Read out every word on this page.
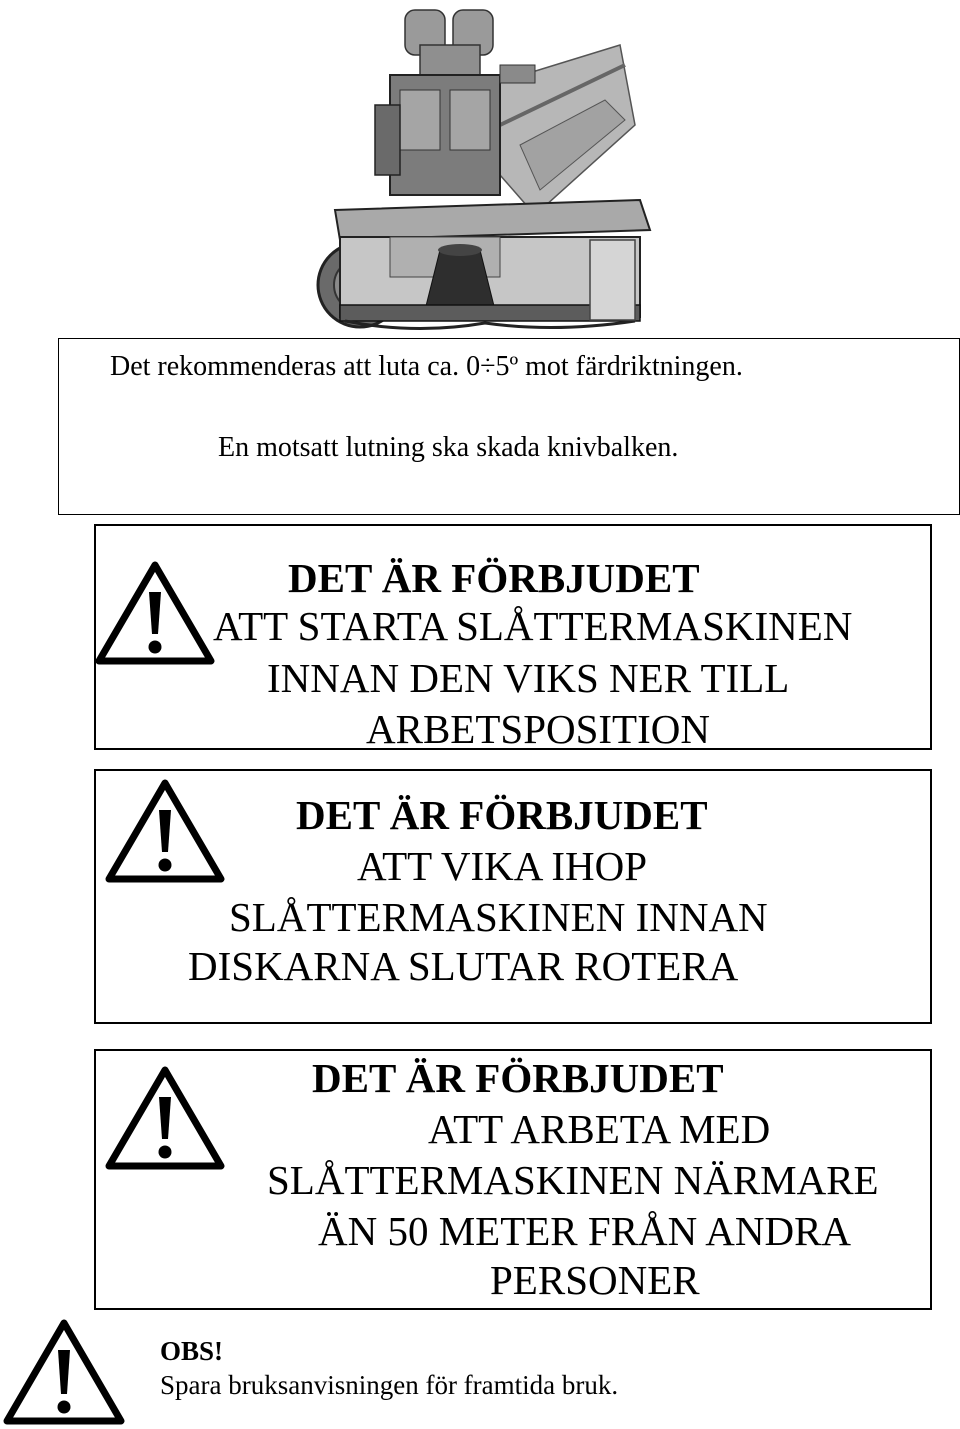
Det rekommenderas att luta ca. 0÷5º mot färdriktningen.
En motsatt lutning ska skada knivbalken.
DET ÄR FÖRBJUDET
ATT STARTA SLÅTTERMASKINEN
INNAN DEN VIKS NER TILL
ARBETSPOSITION
DET ÄR FÖRBJUDET
ATT VIKA IHOP
SLÅTTERMASKINEN INNAN
DISKARNA SLUTAR ROTERA
DET ÄR FÖRBJUDET
ATT ARBETA MED
SLÅTTERMASKINEN NÄRMARE
ÄN 50 METER FRÅN ANDRA
PERSONER
OBS!
Spara bruksanvisningen för framtida bruk.
